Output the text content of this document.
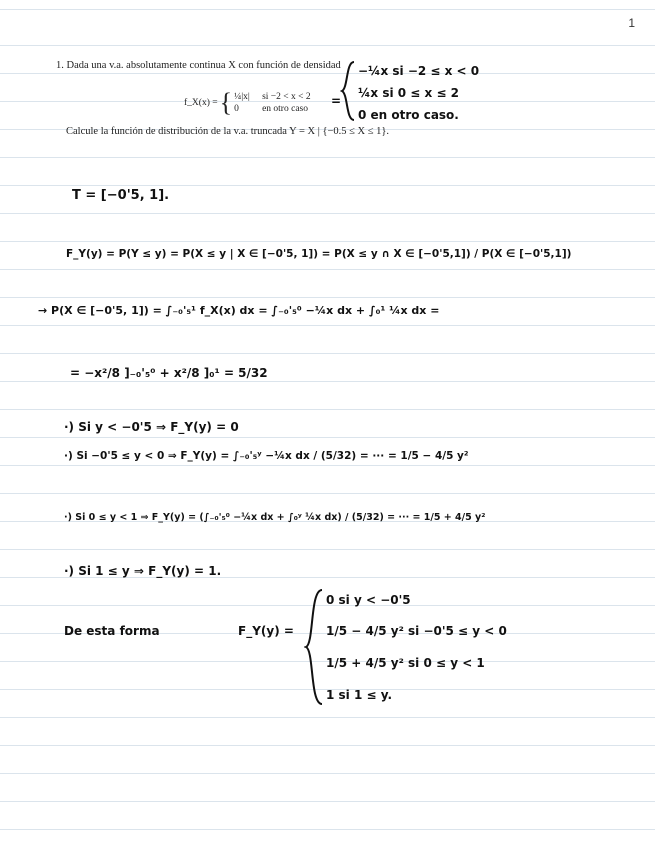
1
1. Dada una v.a. absolutamente continua X con función de densidad
f_X(x) = { ¼|x| si −2 < x < 2
0 en otro caso
=
−¼x si −2 ≤ x < 0
¼x si 0 ≤ x ≤ 2
0 en otro caso.
Calcule la función de distribución de la v.a. truncada Y = X | {−0.5 ≤ X ≤ 1}.
T = [−0'5, 1].
F_Y(y) = P(Y ≤ y) = P(X ≤ y | X ∈ [−0'5, 1]) = P(X ≤ y ∩ X ∈ [−0'5,1]) / P(X ∈ [−0'5,1])
→ P(X ∈ [−0'5, 1]) = ∫₋₀'₅¹ f_X(x) dx = ∫₋₀'₅⁰ −¼x dx + ∫₀¹ ¼x dx =
= −x²/8 ]₋₀'₅⁰ + x²/8 ]₀¹ = 5/32
·) Si y < −0'5 ⇒ F_Y(y) = 0
·) Si −0'5 ≤ y < 0 ⇒ F_Y(y) = ∫₋₀'₅ʸ −¼x dx / (5/32) = ··· = 1/5 − 4/5 y²
·) Si 0 ≤ y < 1 ⇒ F_Y(y) = (∫₋₀'₅⁰ −¼x dx + ∫₀ʸ ¼x dx) / (5/32) = ··· = 1/5 + 4/5 y²
·) Si 1 ≤ y ⇒ F_Y(y) = 1.
De esta forma	F_Y(y) =
0 si y < −0'5
1/5 − 4/5 y² si −0'5 ≤ y < 0
1/5 + 4/5 y² si 0 ≤ y < 1
1 si 1 ≤ y.
